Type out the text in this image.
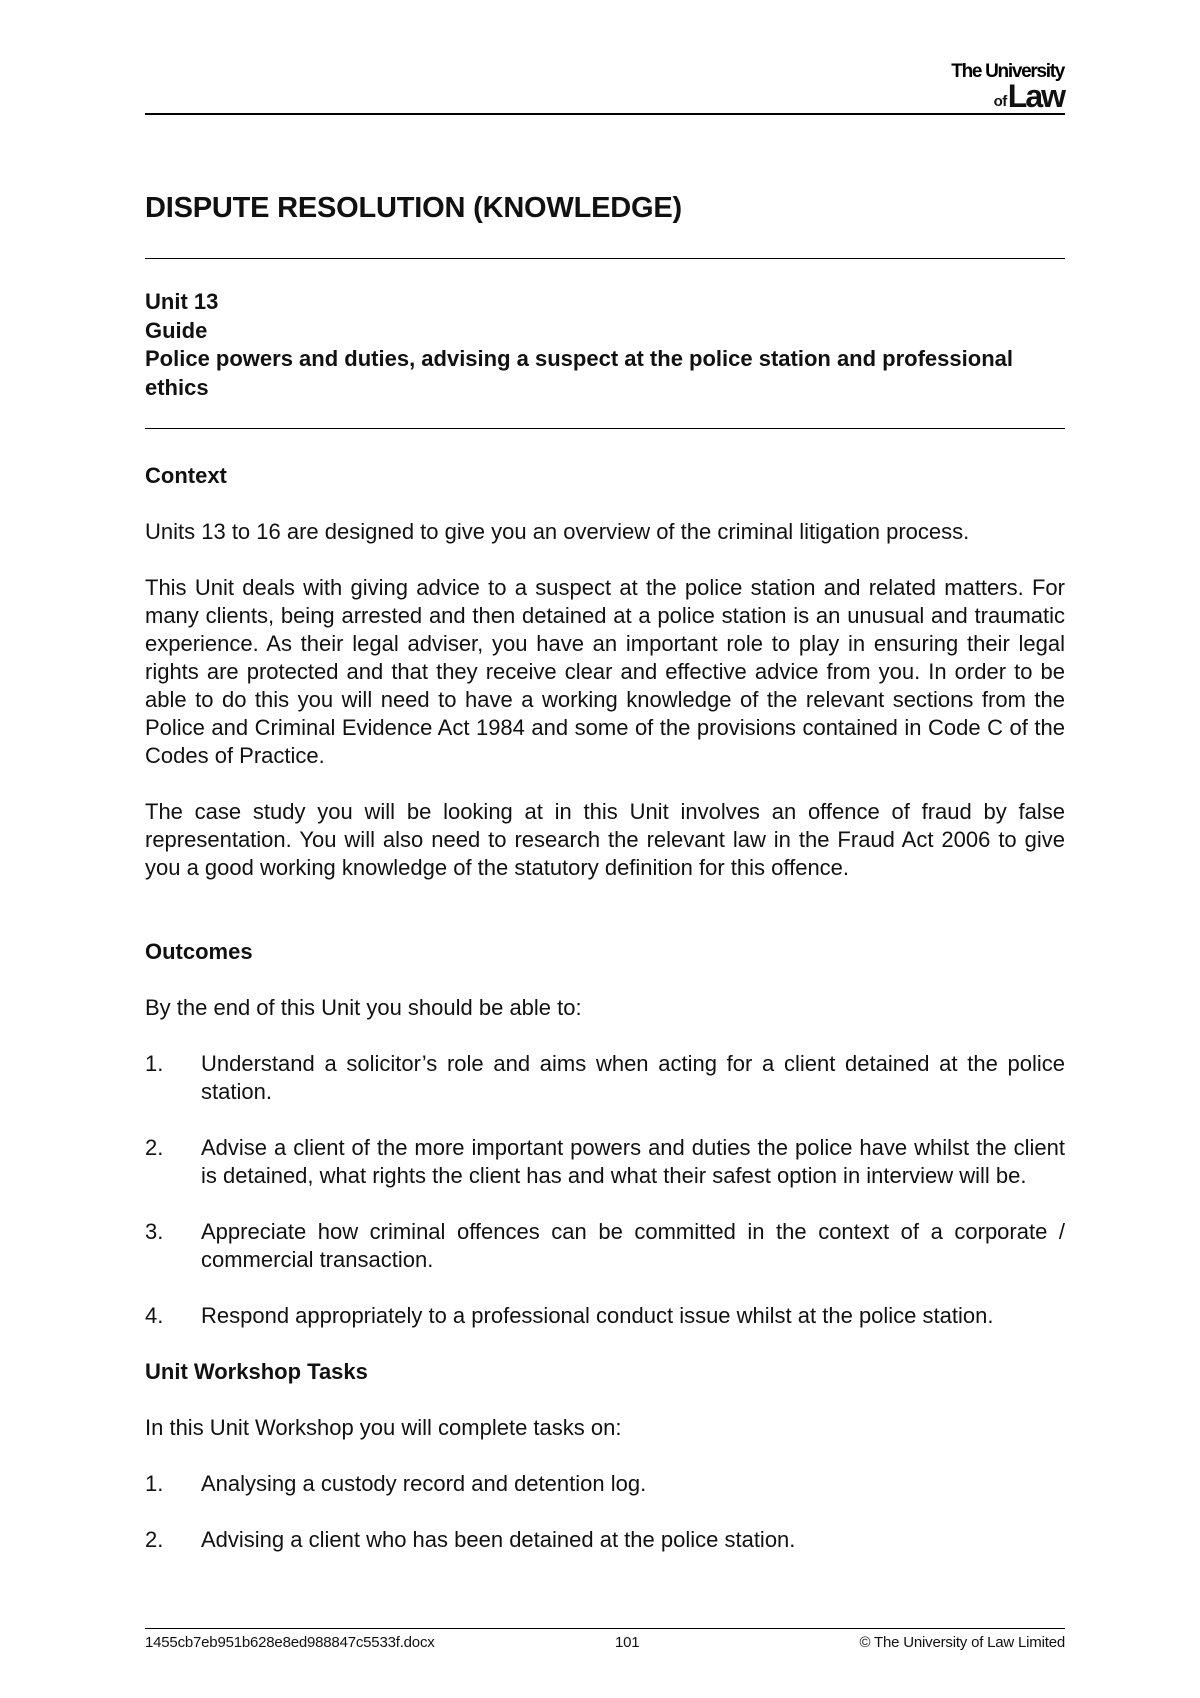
The University
of Law
DISPUTE RESOLUTION (KNOWLEDGE)
Unit 13
Guide
Police powers and duties, advising a suspect at the police station and professional ethics
Context

Units 13 to 16 are designed to give you an overview of the criminal litigation process.

This Unit deals with giving advice to a suspect at the police station and related matters. For many clients, being arrested and then detained at a police station is an unusual and traumatic experience. As their legal adviser, you have an important role to play in ensuring their legal rights are protected and that they receive clear and effective advice from you. In order to be able to do this you will need to have a working knowledge of the relevant sections from the Police and Criminal Evidence Act 1984 and some of the provisions contained in Code C of the Codes of Practice.

The case study you will be looking at in this Unit involves an offence of fraud by false representation. You will also need to research the relevant law in the Fraud Act 2006 to give you a good working knowledge of the statutory definition for this offence.

Outcomes

By the end of this Unit you should be able to:

1. Understand a solicitor’s role and aims when acting for a client detained at the police station.
2. Advise a client of the more important powers and duties the police have whilst the client is detained, what rights the client has and what their safest option in interview will be.
3. Appreciate how criminal offences can be committed in the context of a corporate / commercial transaction.
4. Respond appropriately to a professional conduct issue whilst at the police station.
Unit Workshop Tasks

In this Unit Workshop you will complete tasks on:

1. Analysing a custody record and detention log.
2. Advising a client who has been detained at the police station.
1455cb7eb951b628e8ed988847c5533f.docx	101	© The University of Law Limited
